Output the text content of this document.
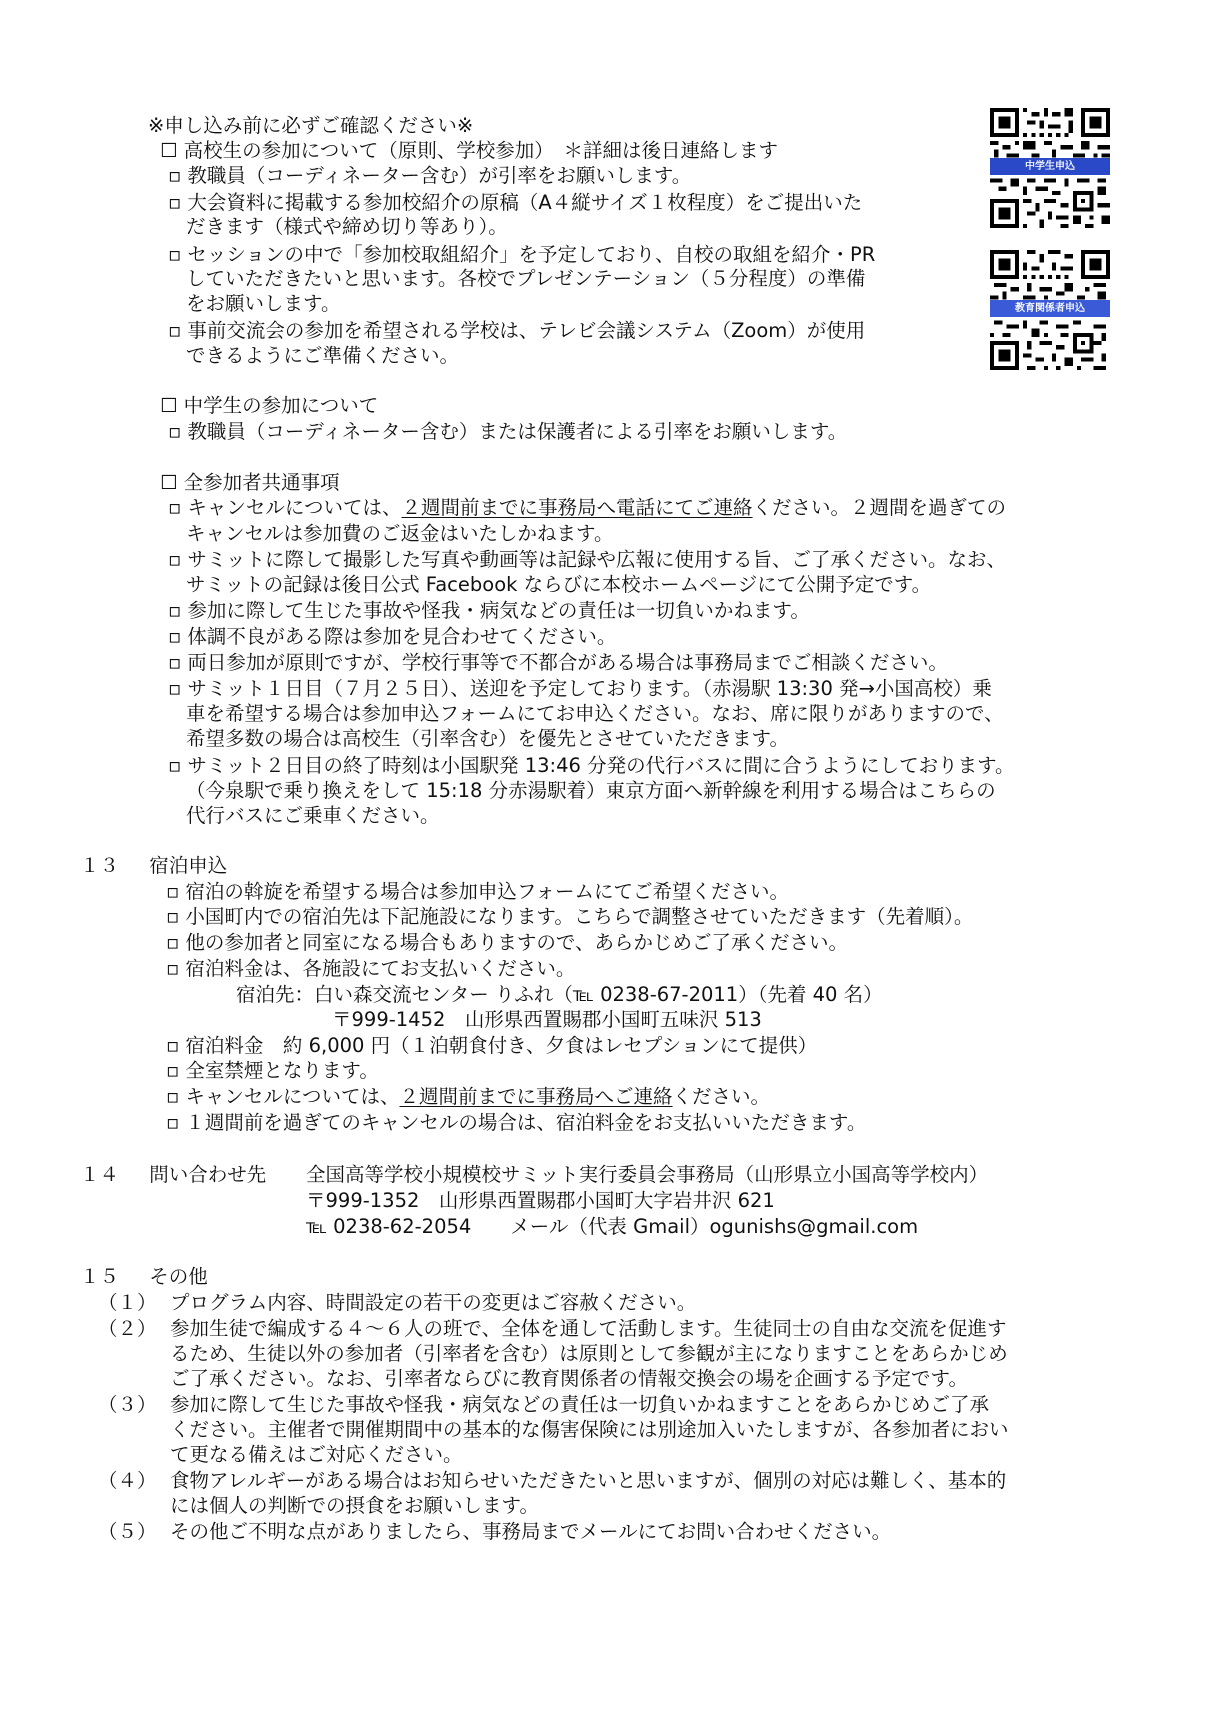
※申し込み前に必ずご確認ください※
☐ 高校生の参加について（原則、学校参加）　＊詳細は後日連絡します
▫ 教職員（コーディネーター含む）が引率をお願いします。
▫ 大会資料に掲載する参加校紹介の原稿（A４縦サイズ１枚程度）をご提出いた
だきます（様式や締め切り等あり）。
▫ セッションの中で「参加校取組紹介」を予定しており、自校の取組を紹介・PR
していただきたいと思います。各校でプレゼンテーション（５分程度）の準備
をお願いします。
▫ 事前交流会の参加を希望される学校は、テレビ会議システム（Zoom）が使用
できるようにご準備ください。
☐ 中学生の参加について
▫ 教職員（コーディネーター含む）または保護者による引率をお願いします。
☐ 全参加者共通事項
▫ キャンセルについては、２週間前までに事務局へ電話にてご連絡ください。２週間を過ぎての
キャンセルは参加費のご返金はいたしかねます。
▫ サミットに際して撮影した写真や動画等は記録や広報に使用する旨、ご了承ください。なお、
サミットの記録は後日公式 Facebook ならびに本校ホームページにて公開予定です。
▫ 参加に際して生じた事故や怪我・病気などの責任は一切負いかねます。
▫ 体調不良がある際は参加を見合わせてください。
▫ 両日参加が原則ですが、学校行事等で不都合がある場合は事務局までご相談ください。
▫ サミット１日目（７月２５日）、送迎を予定しております。（赤湯駅 13:30 発→小国高校）乗
車を希望する場合は参加申込フォームにてお申込ください。なお、席に限りがありますので、
希望多数の場合は高校生（引率含む）を優先とさせていただきます。
▫ サミット２日目の終了時刻は小国駅発 13:46 分発の代行バスに間に合うようにしております。
（今泉駅で乗り換えをして 15:18 分赤湯駅着）東京方面へ新幹線を利用する場合はこちらの
代行バスにご乗車ください。
中学生申込
教育関係者申込
１３ 宿泊申込
▫ 宿泊の斡旋を希望する場合は参加申込フォームにてご希望ください。
▫ 小国町内での宿泊先は下記施設になります。こちらで調整させていただきます（先着順）。
▫ 他の参加者と同室になる場合もありますので、あらかじめご了承ください。
▫ 宿泊料金は、各施設にてお支払いください。
宿泊先：白い森交流センター りふれ（℡ 0238-67-2011）（先着 40 名）
〒999-1452　山形県西置賜郡小国町五味沢 513
▫ 宿泊料金　約 6,000 円（１泊朝食付き、夕食はレセプションにて提供）
▫ 全室禁煙となります。
▫ キャンセルについては、２週間前までに事務局へご連絡ください。
▫ １週間前を過ぎてのキャンセルの場合は、宿泊料金をお支払いいただきます。
１４ 問い合わせ先 全国高等学校小規模校サミット実行委員会事務局（山形県立小国高等学校内）
〒999-1352　山形県西置賜郡小国町大字岩井沢 621
℡ 0238-62-2054　　メール（代表 Gmail）ogunishs@gmail.com
１５ その他
（１） プログラム内容、時間設定の若干の変更はご容赦ください。
（２） 参加生徒で編成する４～６人の班で、全体を通して活動します。生徒同士の自由な交流を促進す
るため、生徒以外の参加者（引率者を含む）は原則として参観が主になりますことをあらかじめ
ご了承ください。なお、引率者ならびに教育関係者の情報交換会の場を企画する予定です。
（３） 参加に際して生じた事故や怪我・病気などの責任は一切負いかねますことをあらかじめご了承
ください。主催者で開催期間中の基本的な傷害保険には別途加入いたしますが、各参加者におい
て更なる備えはご対応ください。
（４） 食物アレルギーがある場合はお知らせいただきたいと思いますが、個別の対応は難しく、基本的
には個人の判断での摂食をお願いします。
（５） その他ご不明な点がありましたら、事務局までメールにてお問い合わせください。
